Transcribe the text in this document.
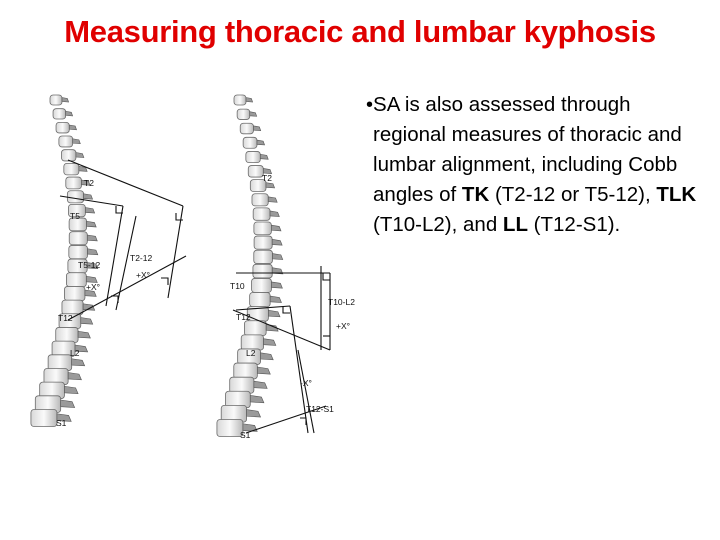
Measuring thoracic and lumbar kyphosis
T2
T5
T12
L2
S1
T5-12
+X°
T2-12
+X°
T2
T10
T12
L2
S1
T10-L2
+X°
-X°
T12-S1
• SA is also assessed through regional measures of thoracic and lumbar alignment, including Cobb angles of TK (T2-12 or T5-12), TLK (T10-L2), and LL (T12-S1).
